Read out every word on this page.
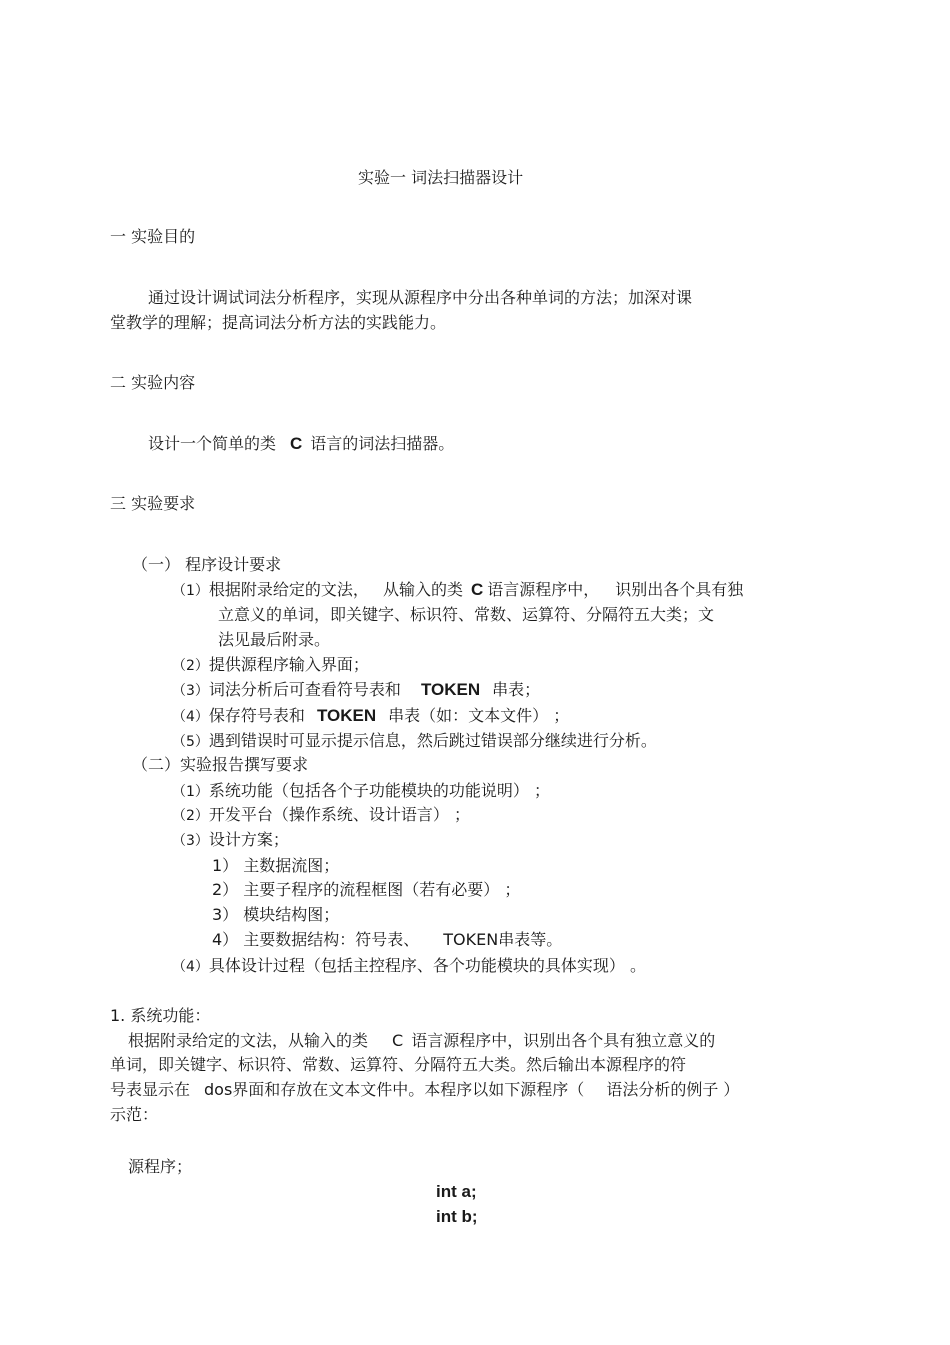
实验一 词法扫描器设计
一 实验目的
通过设计调试词法分析程序，实现从源程序中分出各种单词的方法；加深对课
堂教学的理解；提高词法分析方法的实践能力。
二 实验内容
设计一个简单的类 C 语言的词法扫描器。
三 实验要求
（一） 程序设计要求
（1）根据附录给定的文法， 从输入的类 C 语言源程序中， 识别出各个具有独
立意义的单词，即关键字、标识符、常数、运算符、分隔符五大类；文
法见最后附录。
（2）提供源程序输入界面；
（3）词法分析后可查看符号表和 TOKEN 串表；
（4）保存符号表和 TOKEN 串表（如：文本文件） ；
（5）遇到错误时可显示提示信息，然后跳过错误部分继续进行分析。
（二）实验报告撰写要求
（1）系统功能（包括各个子功能模块的功能说明） ；
（2）开发平台（操作系统、设计语言） ；
（3）设计方案；
1） 主数据流图；
2） 主要子程序的流程框图（若有必要） ；
3） 模块结构图；
4） 主要数据结构：符号表、 TOKEN串表等。
（4）具体设计过程（包括主控程序、各个功能模块的具体实现） 。
1. 系统功能：
根据附录给定的文法，从输入的类 C 语言源程序中，识别出各个具有独立意义的
单词，即关键字、标识符、常数、运算符、分隔符五大类。然后输出本源程序的符
号表显示在 dos界面和存放在文本文件中。本程序以如下源程序（ 语法分析的例子 ）
示范：
源程序；
int a;
int b;
